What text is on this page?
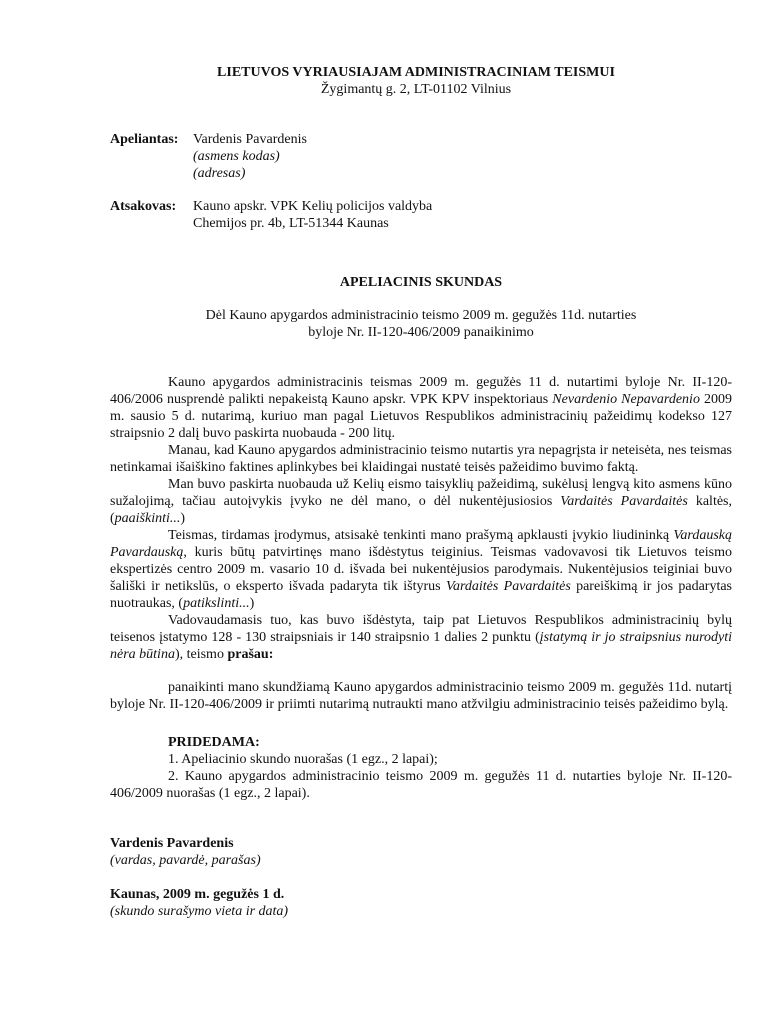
LIETUVOS VYRIAUSIAJAM ADMINISTRACINIAM TEISMUI
Žygimantų g. 2, LT-01102 Vilnius
Apeliantas:	Vardenis Pavardenis
(asmens kodas)
(adresas)
Atsakovas:	Kauno apskr. VPK Kelių policijos valdyba
Chemijos pr. 4b, LT-51344 Kaunas
APELIACINIS SKUNDAS
Dėl Kauno apygardos administracinio teismo 2009 m. gegužės 11d. nutarties
byloje Nr. II-120-406/2009 panaikinimo

Kauno apygardos administracinis teismas 2009 m. gegužės 11 d. nutartimi byloje Nr. II-120-406/2006 nusprendė palikti nepakeistą Kauno apskr. VPK KPV inspektoriaus Nevardenio Nepavardenio 2009 m. sausio 5 d. nutarimą, kuriuo man pagal Lietuvos Respublikos administracinių pažeidimų kodekso 127 straipsnio 2 dalį buvo paskirta nuobauda - 200 litų.

Manau, kad Kauno apygardos administracinio teismo nutartis yra nepagrįsta ir neteisėta, nes teismas netinkamai išaiškino faktines aplinkybes bei klaidingai nustatė teisės pažeidimo buvimo faktą.

Man buvo paskirta nuobauda už Kelių eismo taisyklių pažeidimą, sukėlusį lengvą kito asmens kūno sužalojimą, tačiau autoįvykis įvyko ne dėl mano, o dėl nukentėjusiosios Vardaitės Pavardaitės kaltės, (paaiškinti...)

Teismas, tirdamas įrodymus, atsisakė tenkinti mano prašymą apklausti įvykio liudininką Vardauską Pavardauską, kuris būtų patvirtinęs mano išdėstytus teiginius. Teismas vadovavosi tik Lietuvos teismo ekspertizės centro 2009 m. vasario 10 d. išvada bei nukentėjusios parodymais. Nukentėjusios teiginiai buvo šališki ir netikslūs, o eksperto išvada padaryta tik ištyrus Vardaitės Pavardaitės pareiškimą ir jos padarytas nuotraukas, (patikslinti...)

Vadovaudamasis tuo, kas buvo išdėstyta, taip pat Lietuvos Respublikos administracinių bylų teisenos įstatymo 128 - 130 straipsniais ir 140 straipsnio 1 dalies 2 punktu (įstatymą ir jo straipsnius nurodyti nėra būtina), teismo prašau:

panaikinti mano skundžiamą Kauno apygardos administracinio teismo 2009 m. gegužės 11d. nutartį byloje Nr. II-120-406/2009 ir priimti nutarimą nutraukti mano atžvilgiu administracinio teisės pažeidimo bylą.

PRIDEDAMA:
1. Apeliacinio skundo nuorašas (1 egz., 2 lapai);

2. Kauno apygardos administracinio teismo 2009 m. gegužės 11 d. nutarties byloje Nr. II-120-406/2009 nuorašas (1 egz., 2 lapai).

Vardenis Pavardenis
(vardas, pavardė, parašas)
Kaunas, 2009 m. gegužės 1 d.
(skundo surašymo vieta ir data)
